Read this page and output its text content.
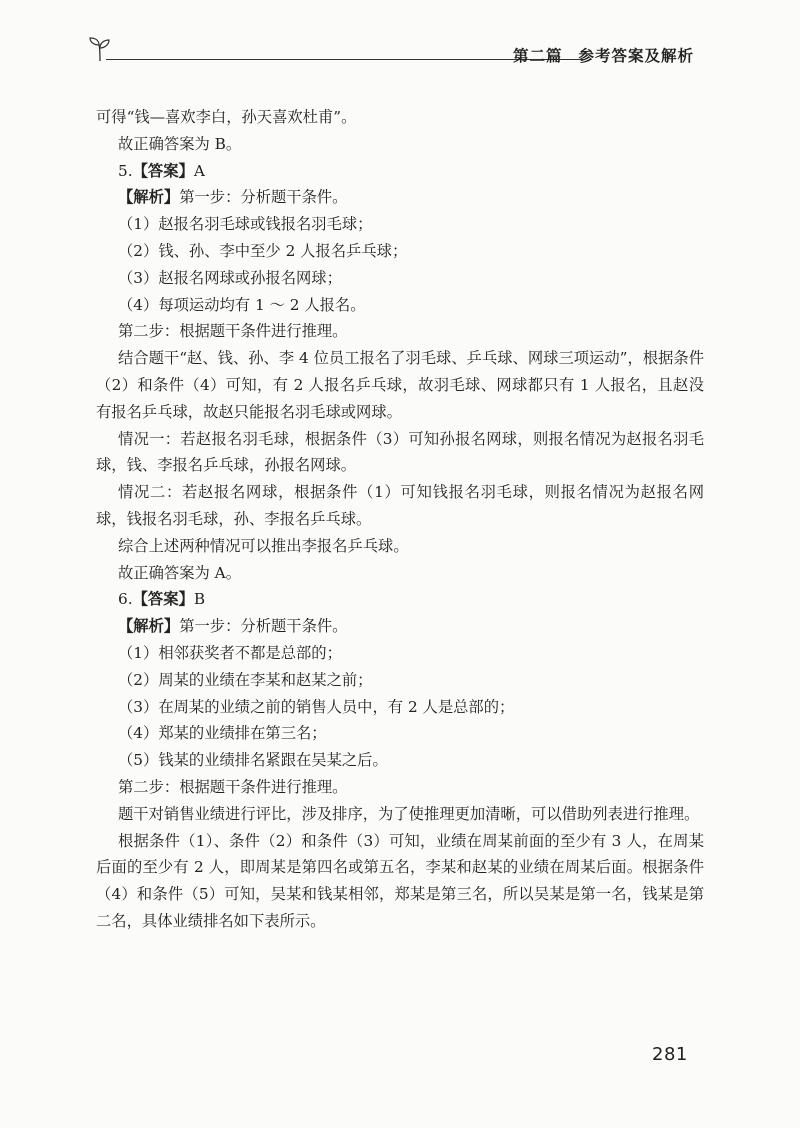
第二篇 参考答案及解析

可得“钱—喜欢李白，孙天喜欢杜甫”。

故正确答案为 B。

5.【答案】A

【解析】第一步：分析题干条件。

（1）赵报名羽毛球或钱报名羽毛球；

（2）钱、孙、李中至少 2 人报名乒乓球；

（3）赵报名网球或孙报名网球；

（4）每项运动均有 1 ～ 2 人报名。

第二步：根据题干条件进行推理。

结合题干“赵、钱、孙、李 4 位员工报名了羽毛球、乒乓球、网球三项运动”，根据条件（2）和条件（4）可知，有 2 人报名乒乓球，故羽毛球、网球都只有 1 人报名，且赵没有报名乒乓球，故赵只能报名羽毛球或网球。

情况一：若赵报名羽毛球，根据条件（3）可知孙报名网球，则报名情况为赵报名羽毛球，钱、李报名乒乓球，孙报名网球。

情况二：若赵报名网球，根据条件（1）可知钱报名羽毛球，则报名情况为赵报名网球，钱报名羽毛球，孙、李报名乒乓球。

综合上述两种情况可以推出李报名乒乓球。

故正确答案为 A。

6.【答案】B

【解析】第一步：分析题干条件。

（1）相邻获奖者不都是总部的；

（2）周某的业绩在李某和赵某之前；

（3）在周某的业绩之前的销售人员中，有 2 人是总部的；

（4）郑某的业绩排在第三名；

（5）钱某的业绩排名紧跟在吴某之后。

第二步：根据题干条件进行推理。

题干对销售业绩进行评比，涉及排序，为了使推理更加清晰，可以借助列表进行推理。

根据条件（1）、条件（2）和条件（3）可知，业绩在周某前面的至少有 3 人，在周某后面的至少有 2 人，即周某是第四名或第五名，李某和赵某的业绩在周某后面。根据条件（4）和条件（5）可知，吴某和钱某相邻，郑某是第三名，所以吴某是第一名，钱某是第二名，具体业绩排名如下表所示。

281
